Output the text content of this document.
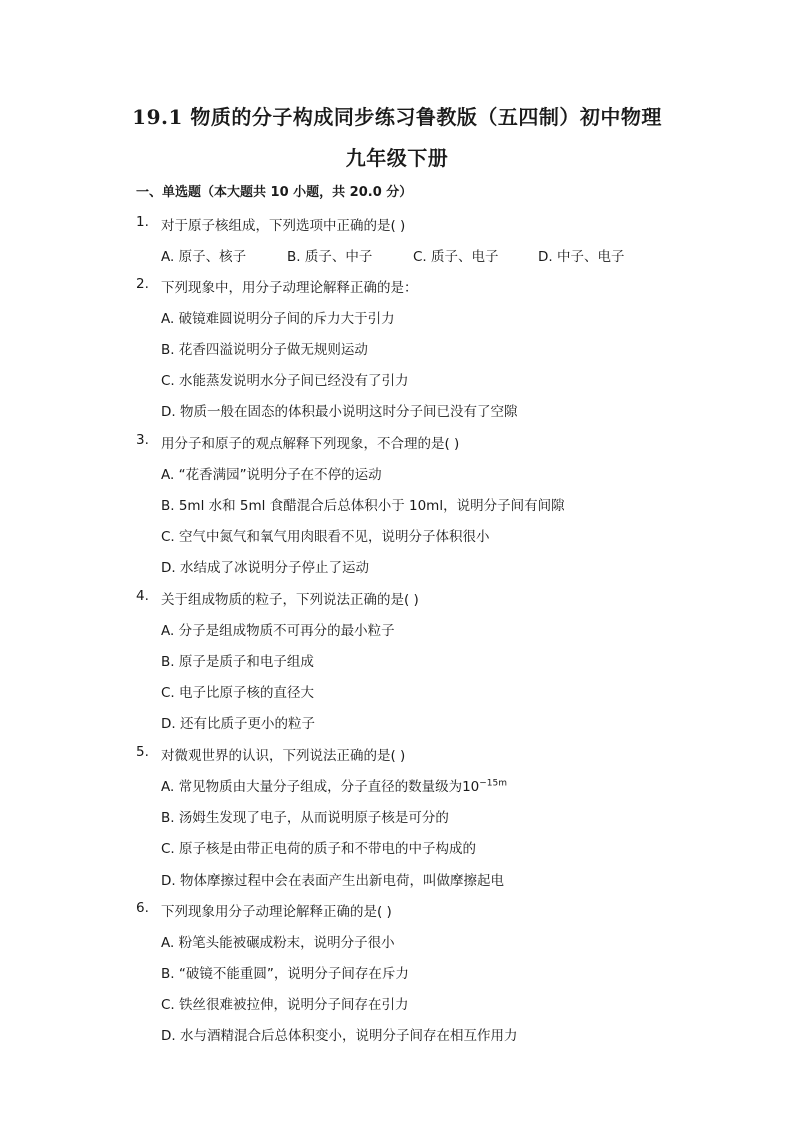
19.1 物质的分子构成同步练习鲁教版（五四制）初中物理
九年级下册
一、单选题（本大题共 10 小题，共 20.0 分）
1. 对于原子核组成，下列选项中正确的是( )
A. 原子、核子	B. 质子、中子	C. 质子、电子	D. 中子、电子
2. 下列现象中，用分子动理论解释正确的是：
A. 破镜难圆说明分子间的斥力大于引力
B. 花香四溢说明分子做无规则运动
C. 水能蒸发说明水分子间已经没有了引力
D. 物质一般在固态的体积最小说明这时分子间已没有了空隙
3. 用分子和原子的观点解释下列现象，不合理的是( )
A. “花香满园”说明分子在不停的运动
B. 5ml 水和 5ml 食醋混合后总体积小于 10ml，说明分子间有间隙
C. 空气中氮气和氧气用肉眼看不见，说明分子体积很小
D. 水结成了冰说明分子停止了运动
4. 关于组成物质的粒子，下列说法正确的是( )
A. 分子是组成物质不可再分的最小粒子
B. 原子是质子和电子组成
C. 电子比原子核的直径大
D. 还有比质子更小的粒子
5. 对微观世界的认识，下列说法正确的是( )
A. 常见物质由大量分子组成，分子直径的数量级为$10^{-15m}$
B. 汤姆生发现了电子，从而说明原子核是可分的
C. 原子核是由带正电荷的质子和不带电的中子构成的
D. 物体摩擦过程中会在表面产生出新电荷，叫做摩擦起电
6. 下列现象用分子动理论解释正确的是( )
A. 粉笔头能被碾成粉末，说明分子很小
B. “破镜不能重圆”，说明分子间存在斥力
C. 铁丝很难被拉伸，说明分子间存在引力
D. 水与酒精混合后总体积变小，说明分子间存在相互作用力
